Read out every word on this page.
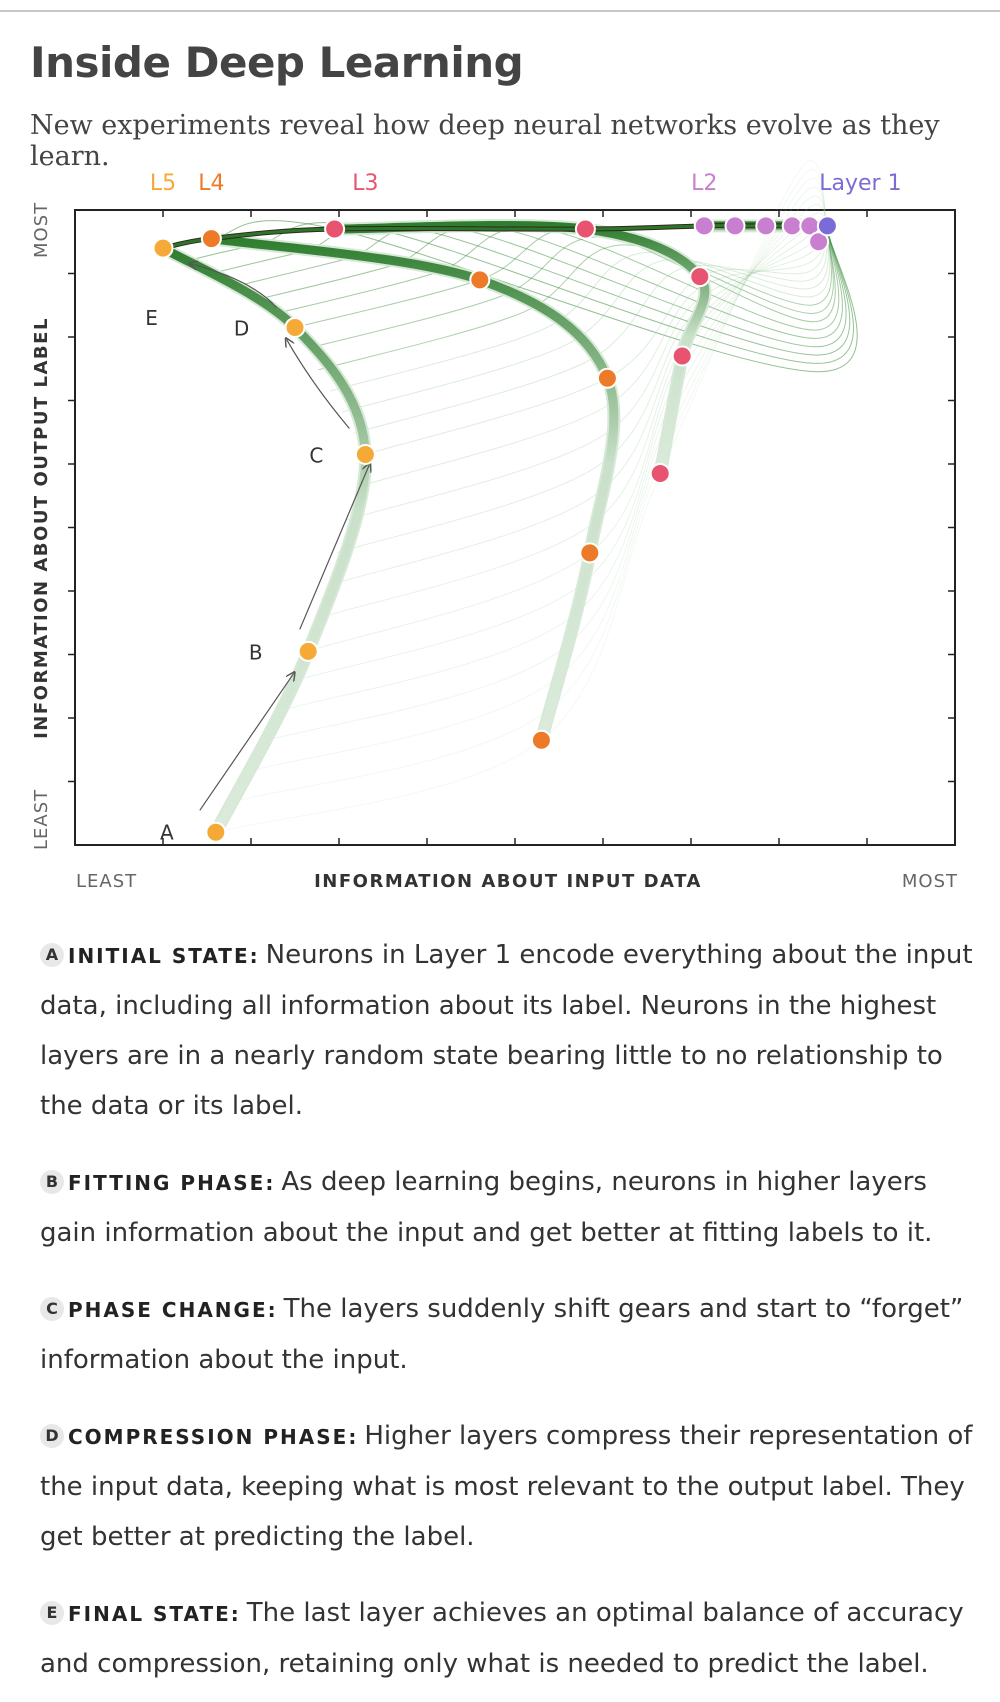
Inside Deep Learning

New experiments reveal how deep neural networks evolve as they learn.

A
B
C
D
E
L5 L4	L3	L2	Layer 1
LEAST	INFORMATION ABOUT INPUT DATA	MOST
LEAST
INFORMATION ABOUT OUTPUT LABEL
MOST
A INITIAL STATE: Neurons in Layer 1 encode everything about the input data, including all information about its label. Neurons in the highest layers are in a nearly random state bearing little to no relationship to the data or its label.
B FITTING PHASE: As deep learning begins, neurons in higher layers gain information about the input and get better at fitting labels to it.
C PHASE CHANGE: The layers suddenly shift gears and start to “forget” information about the input.
D COMPRESSION PHASE: Higher layers compress their representation of the input data, keeping what is most relevant to the output label. They get better at predicting the label.
E FINAL STATE: The last layer achieves an optimal balance of accuracy and compression, retaining only what is needed to predict the label.
